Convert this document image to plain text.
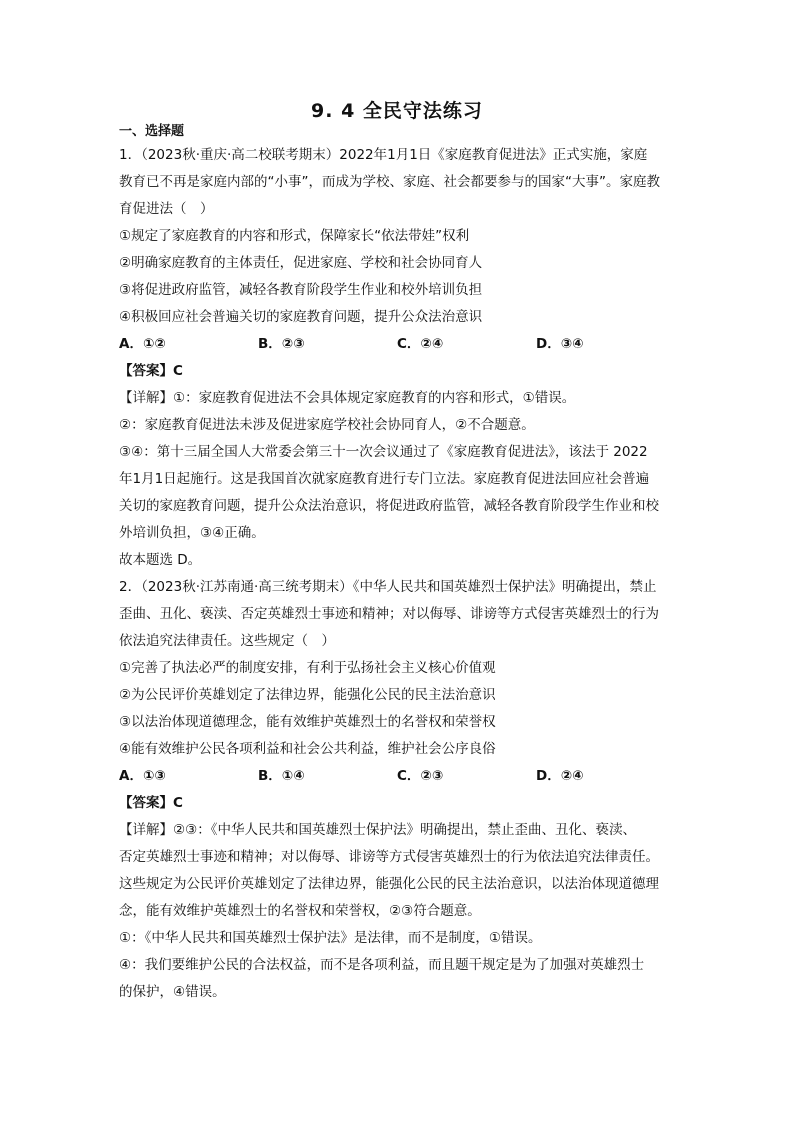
9. 4 全民守法练习
一、选择题
1．（2023秋·重庆·高二校联考期末）2022年1月1日《家庭教育促进法》正式实施，家庭
教育已不再是家庭内部的“小事”，而成为学校、家庭、社会都要参与的国家“大事”。家庭教
育促进法（　）
①规定了家庭教育的内容和形式，保障家长“依法带娃”权利
②明确家庭教育的主体责任，促进家庭、学校和社会协同育人
③将促进政府监管，减轻各教育阶段学生作业和校外培训负担
④积极回应社会普遍关切的家庭教育问题，提升公众法治意识
A．①②	B．②③	C．②④	D．③④
【答案】C
【详解】①：家庭教育促进法不会具体规定家庭教育的内容和形式，①错误。
②：家庭教育促进法未涉及促进家庭学校社会协同育人，②不合题意。
③④：第十三届全国人大常委会第三十一次会议通过了《家庭教育促进法》，该法于 2022
年1月1日起施行。这是我国首次就家庭教育进行专门立法。家庭教育促进法回应社会普遍
关切的家庭教育问题，提升公众法治意识，将促进政府监管，减轻各教育阶段学生作业和校
外培训负担，③④正确。
故本题选 D。
2．（2023秋·江苏南通·高三统考期末）《中华人民共和国英雄烈士保护法》明确提出，禁止
歪曲、丑化、亵渎、否定英雄烈士事迹和精神；对以侮辱、诽谤等方式侵害英雄烈士的行为
依法追究法律责任。这些规定（　）
①完善了执法必严的制度安排，有利于弘扬社会主义核心价值观
②为公民评价英雄划定了法律边界，能强化公民的民主法治意识
③以法治体现道德理念，能有效维护英雄烈士的名誉权和荣誉权
④能有效维护公民各项利益和社会公共利益，维护社会公序良俗
A．①③	B．①④	C．②③	D．②④
【答案】C
【详解】②③：《中华人民共和国英雄烈士保护法》明确提出，禁止歪曲、丑化、亵渎、
否定英雄烈士事迹和精神；对以侮辱、诽谤等方式侵害英雄烈士的行为依法追究法律责任。
这些规定为公民评价英雄划定了法律边界，能强化公民的民主法治意识，以法治体现道德理
念，能有效维护英雄烈士的名誉权和荣誉权，②③符合题意。
①：《中华人民共和国英雄烈士保护法》是法律，而不是制度，①错误。
④：我们要维护公民的合法权益，而不是各项利益，而且题干规定是为了加强对英雄烈士
的保护，④错误。
